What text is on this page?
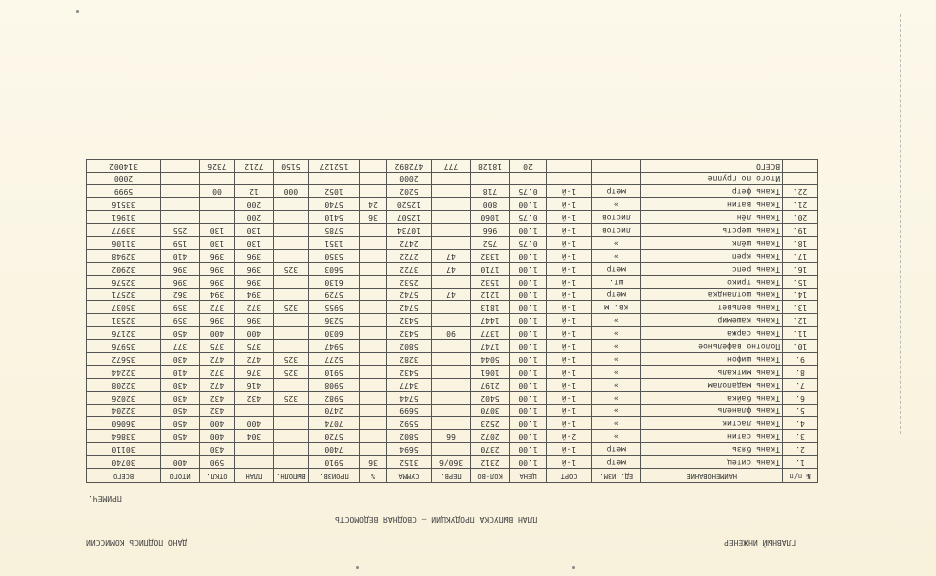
ПЛАН ВЫПУСКА ПРОДУКЦИИ — СВОДНАЯ ВЕДОМОСТЬ
ДАНО ПОДПИСЬ КОМИССИИ	ГЛАВНЫЙ ИНЖЕНЕР
ПРИМЕЧ.
№ п/п	НАИМЕНОВАНИЕ	ЕД. ИЗМ.	СОРТ	ЦЕНА	КОЛ-ВО	ПЕРВ.	СУММА	%	ПРОИЗВ.	ВЫПОЛН.	ПЛАН	ОТКЛ.	ИТОГО	ВСЕГО
1.	Ткань ситец	метр	1-й	1.00	2312	360/6	3152	36	5910			590	400	30740
2.	Ткань бязь	метр	1-й	1.00	2370		5694		7400			430		30110
3.	Ткань сатин	»	2-й	1.00	2072	66	5802		5720		304	400	450	33864
4.	Ткань ластик	»	1-й	1.00	2523		5592		7074		400	400	450	36060
5.	Ткань фланель	»	1-й	1.00	3070		5699		2470			432	450	32204
6.	Ткань байка	»	1-й	1.00	5402		5744		5982	325	432	432	430	32026
7.	Ткань мадаполам	»	1-й	1.00	2197		3477		5908		416	472	430	32208
8.	Ткань миткаль	»	1-й	1.00	1061		5432		5910	325	376	372	410	32244
9.	Ткань шифон	»	1-й	1.00	5044		3282		5277	325	472	472	430	35672
10.	Полотно вафельное	»	1-й	1.00	1747		5802		5947		375	375	377	35976
11.	Ткань саржа	»	1-й	1.00	1377	90	5432		6030		400	400	450	32176
12.	Ткань кашемир	»	1-й	1.00	1447		5432		5236		396	396	359	32531
13.	Ткань вельвет	кв. м	1-й	1.00	1813		5742		5955	325	372	372	359	35037
14.	Ткань шотландка	метр	1-й	1.00	1212	47	5742		5729		394	394	362	32571
15.	Ткань трико	шт.	1-й	1.00	1532		2532		6130		396	396	396	32576
16.	Ткань репс	метр	1-й	1.00	1710	47	3722		5603	325	396	396	396	32902
17.	Ткань креп	»	1-й	1.00	1332	47	2722		5350		396	396	410	32948
18.	Ткань шёлк	»	1-й	0.75	752		2472		1351		130	130	159	31106
19.	Ткань шерсть	листов	1-й	1.00	966		10734		5785		130	130	255	33977
20.	Ткань лён	листов	1-й	0.75	1060		12507	36	5410		200			31961
21.	Ткань ватин	»	1-й	1.00	800		12520	24	5740		200			33516
22.	Ткань фетр	метр	1-й	0.75	718		5202		1052	000	12	00		5999
	Итого по группе						2000							2000
	ВСЕГО			20	18128	777	472892		152127	5150	7212	7326		314002
